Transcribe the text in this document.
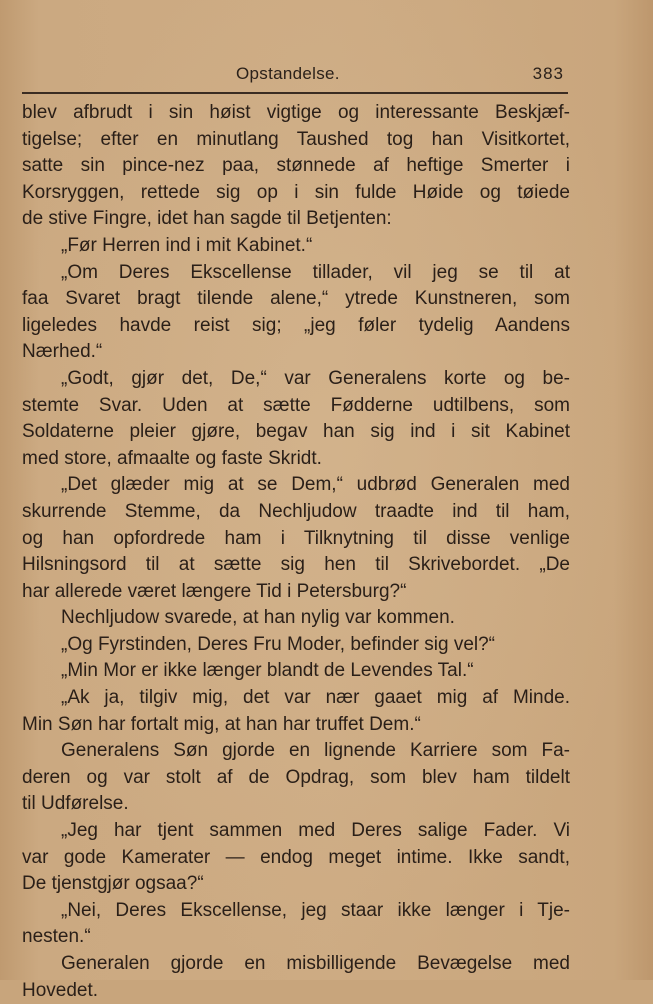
Opstandelse.	383
blev afbrudt i sin høist vigtige og interessante Beskjæf-
tigelse; efter en minutlang Taushed tog han Visitkortet,
satte sin pince-nez paa, stønnede af heftige Smerter i
Korsryggen, rettede sig op i sin fulde Høide og tøiede
de stive Fingre, idet han sagde til Betjenten:
„Før Herren ind i mit Kabinet.“
„Om Deres Ekscellense tillader, vil jeg se til at
faa Svaret bragt tilende alene,“ ytrede Kunstneren, som
ligeledes havde reist sig; „jeg føler tydelig Aandens
Nærhed.“
„Godt, gjør det, De,“ var Generalens korte og be-
stemte Svar. Uden at sætte Fødderne udtilbens, som
Soldaterne pleier gjøre, begav han sig ind i sit Kabinet
med store, afmaalte og faste Skridt.
„Det glæder mig at se Dem,“ udbrød Generalen med
skurrende Stemme, da Nechljudow traadte ind til ham,
og han opfordrede ham i Tilknytning til disse venlige
Hilsningsord til at sætte sig hen til Skrivebordet. „De
har allerede været længere Tid i Petersburg?“
Nechljudow svarede, at han nylig var kommen.
„Og Fyrstinden, Deres Fru Moder, befinder sig vel?“
„Min Mor er ikke længer blandt de Levendes Tal.“
„Ak ja, tilgiv mig, det var nær gaaet mig af Minde.
Min Søn har fortalt mig, at han har truffet Dem.“
Generalens Søn gjorde en lignende Karriere som Fa-
deren og var stolt af de Opdrag, som blev ham tildelt
til Udførelse.
„Jeg har tjent sammen med Deres salige Fader. Vi
var gode Kamerater — endog meget intime. Ikke sandt,
De tjenstgjør ogsaa?“
„Nei, Deres Ekscellense, jeg staar ikke længer i Tje-
nesten.“
Generalen gjorde en misbilligende Bevægelse med
Hovedet.
